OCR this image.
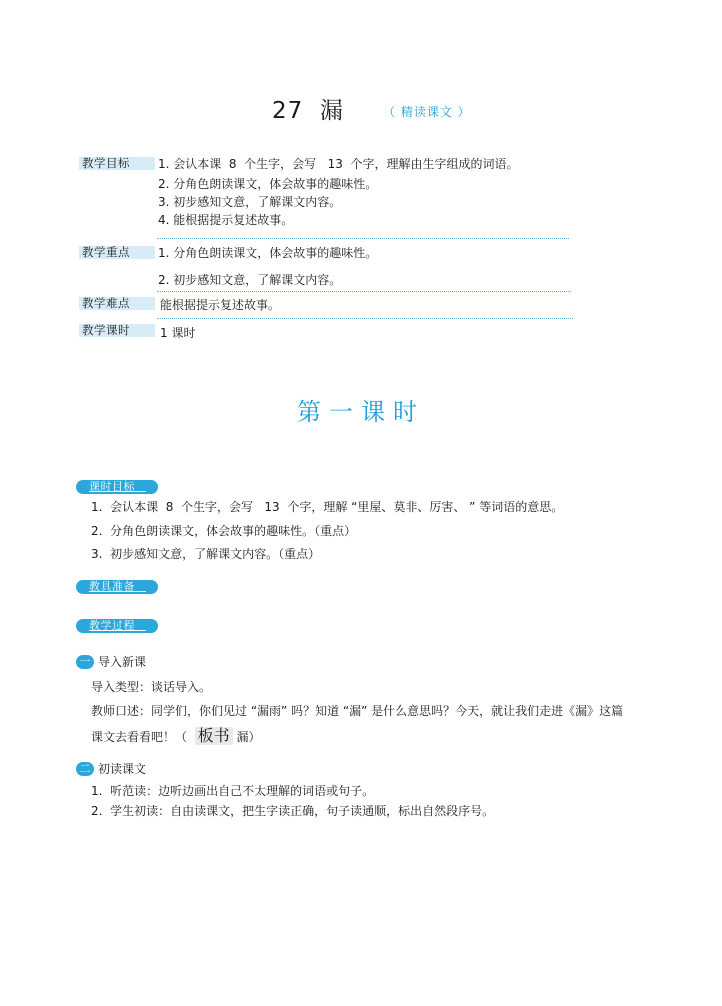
27 漏	（ 精读课文 ）
教学目标	1. 会认本课  8  个生字，会写   13  个字，理解由生字组成的词语。
2. 分角色朗读课文，体会故事的趣味性。
3. 初步感知文意，了解课文内容。
4. 能根据提示复述故事。
教学重点	1. 分角色朗读课文，体会故事的趣味性。
2. 初步感知文意，了解课文内容。
教学难点	能根据提示复述故事。
教学课时	1 课时
第一课时
课时目标
1.  会认本课  8  个生字，会写   13  个字，理解 “里屋、莫非、厉害、 ” 等词语的意思。
2.  分角色朗读课文，体会故事的趣味性。（重点）
3.  初步感知文意，了解课文内容。（重点）
教具准备
教学过程
一 导入新课
导入类型：谈话导入。
教师口述：同学们，你们见过 “漏雨” 吗？知道 “漏” 是什么意思吗？今天，就让我们走进《漏》这篇
课文去看看吧！（  板书 漏）
二 初读课文
1.  听范读：边听边画出自己不太理解的词语或句子。
2.  学生初读：自由读课文，把生字读正确，句子读通顺，标出自然段序号。
